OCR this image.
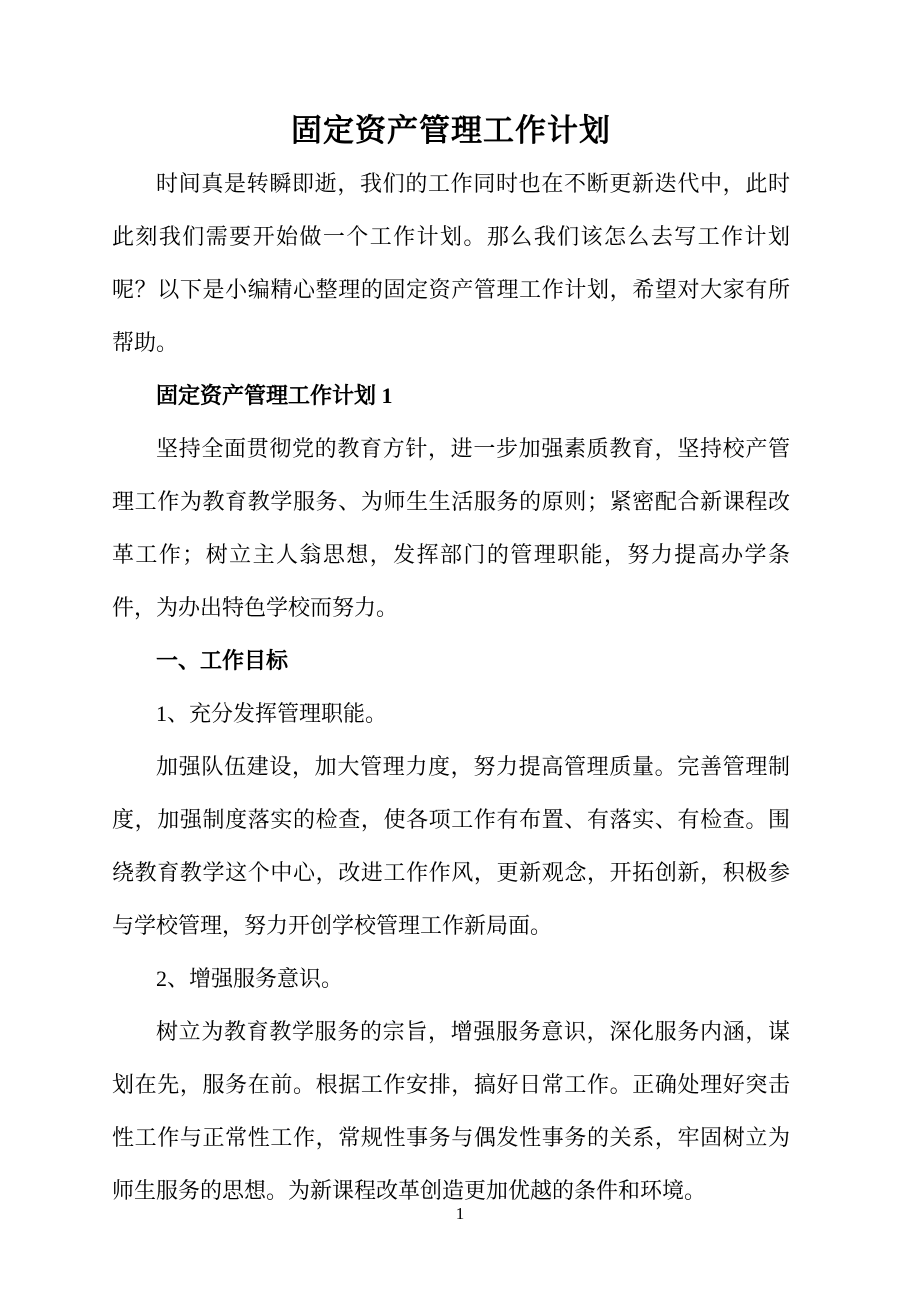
固定资产管理工作计划

时间真是转瞬即逝，我们的工作同时也在不断更新迭代中，此时此刻我们需要开始做一个工作计划。那么我们该怎么去写工作计划呢？以下是小编精心整理的固定资产管理工作计划，希望对大家有所帮助。

固定资产管理工作计划 1

坚持全面贯彻党的教育方针，进一步加强素质教育，坚持校产管理工作为教育教学服务、为师生生活服务的原则；紧密配合新课程改革工作；树立主人翁思想，发挥部门的管理职能，努力提高办学条件，为办出特色学校而努力。

一、工作目标

1、充分发挥管理职能。

加强队伍建设，加大管理力度，努力提高管理质量。完善管理制度，加强制度落实的检查，使各项工作有布置、有落实、有检查。围绕教育教学这个中心，改进工作作风，更新观念，开拓创新，积极参与学校管理，努力开创学校管理工作新局面。

2、增强服务意识。

树立为教育教学服务的宗旨，增强服务意识，深化服务内涵，谋划在先，服务在前。根据工作安排，搞好日常工作。正确处理好突击性工作与正常性工作，常规性事务与偶发性事务的关系，牢固树立为师生服务的思想。为新课程改革创造更加优越的条件和环境。

1
